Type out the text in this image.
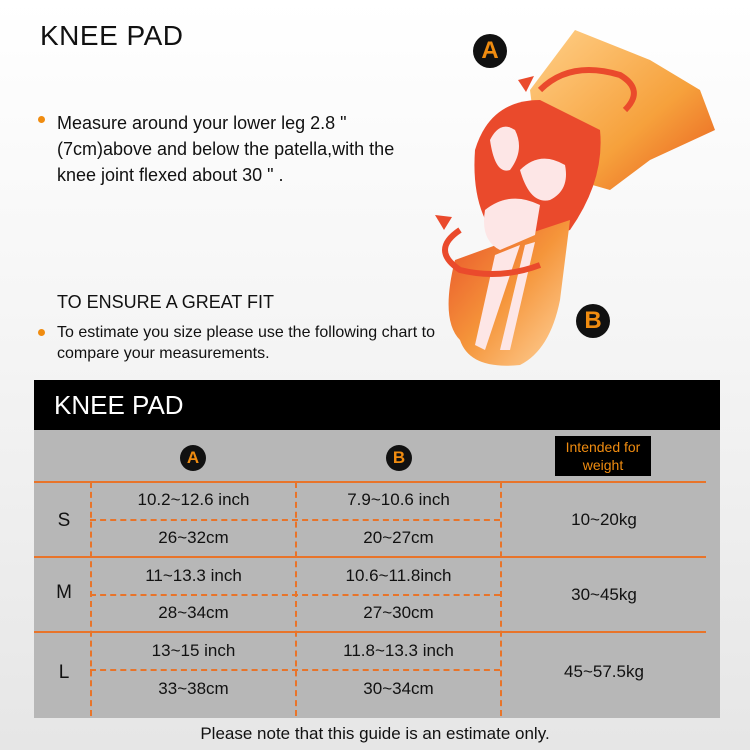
KNEE PAD
Measure around your lower leg 2.8 " (7cm)above and below the patella,with the knee joint flexed about 30 " .
TO ENSURE A GREAT FIT
To estimate you size please use the following chart to compare your measurements.
A
B
KNEE PAD
A	B
Intended for weight
S
10.2~12.6 inch
26~32cm
7.9~10.6 inch
20~27cm
10~20kg
M
11~13.3 inch
28~34cm
10.6~11.8inch
27~30cm
30~45kg
L
13~15 inch
33~38cm
11.8~13.3 inch
30~34cm
45~57.5kg
Please note that this guide is an estimate only.
